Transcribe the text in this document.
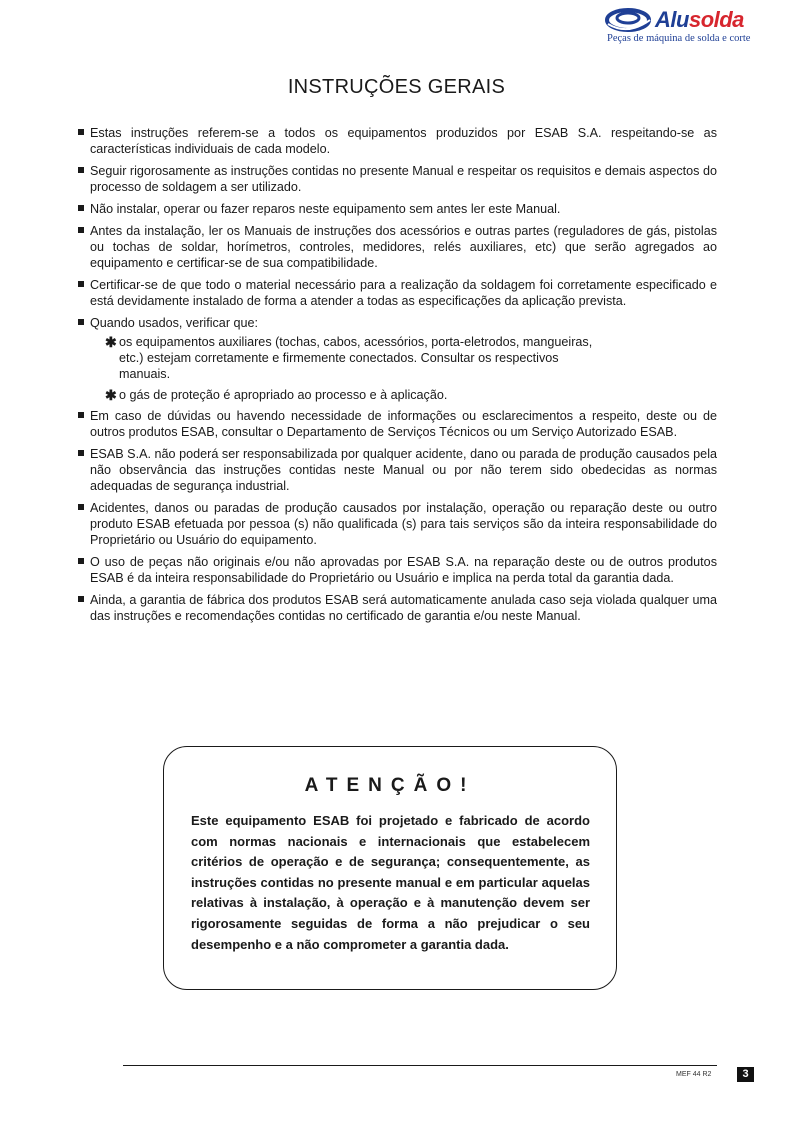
Alusolda
Peças de máquina de solda e corte
INSTRUÇÕES GERAIS
Estas instruções referem-se a todos os equipamentos produzidos por ESAB S.A. respeitando-se as características individuais de cada modelo.
Seguir rigorosamente as instruções contidas no presente Manual e respeitar os requisitos e demais aspectos do processo de soldagem a ser utilizado.
Não instalar, operar ou fazer reparos neste equipamento sem antes ler este Manual.
Antes da instalação, ler os Manuais de instruções dos acessórios e outras partes (reguladores de gás, pistolas ou tochas de soldar, horímetros, controles, medidores, relés auxiliares, etc) que serão agregados ao equipamento e certificar-se de sua compatibilidade.
Certificar-se de que todo o material necessário para a realização da soldagem foi corretamente especificado e está devidamente instalado de forma a atender a todas as especificações da aplicação prevista.
Quando usados, verificar que:
✱ os equipamentos auxiliares (tochas, cabos, acessórios, porta-eletrodos, mangueiras, etc.) estejam corretamente e firmemente conectados. Consultar os respectivos manuais.
✱ o gás de proteção é apropriado ao processo e à aplicação.
Em caso de dúvidas ou havendo necessidade de informações ou esclarecimentos a respeito, deste ou de outros produtos ESAB, consultar o Departamento de Serviços Técnicos ou um Serviço Autorizado ESAB.
ESAB S.A. não poderá ser responsabilizada por qualquer acidente, dano ou parada de produção causados pela não observância das instruções contidas neste Manual ou por não terem sido obedecidas as normas adequadas de segurança industrial.
Acidentes, danos ou paradas de produção causados por instalação, operação ou reparação deste ou outro produto ESAB efetuada por pessoa (s) não qualificada (s) para tais serviços são da inteira responsabilidade do Proprietário ou Usuário do equipamento.
O uso de peças não originais e/ou não aprovadas por ESAB S.A. na reparação deste ou de outros produtos ESAB é da inteira responsabilidade do Proprietário ou Usuário e implica na perda total da garantia dada.
Ainda, a garantia de fábrica dos produtos ESAB será automaticamente anulada caso seja violada qualquer uma das instruções e recomendações contidas no certificado de garantia e/ou neste Manual.
ATENÇÃO!
Este equipamento ESAB foi projetado e fabricado de acordo com normas nacionais e internacionais que estabelecem critérios de operação e de segurança; consequentemente, as instruções contidas no presente manual e em particular aquelas relativas à instalação, à operação e à manutenção devem ser rigorosamente seguidas de forma a não prejudicar o seu desempenho e a não comprometer a garantia dada.
MEF 44 R2	3
